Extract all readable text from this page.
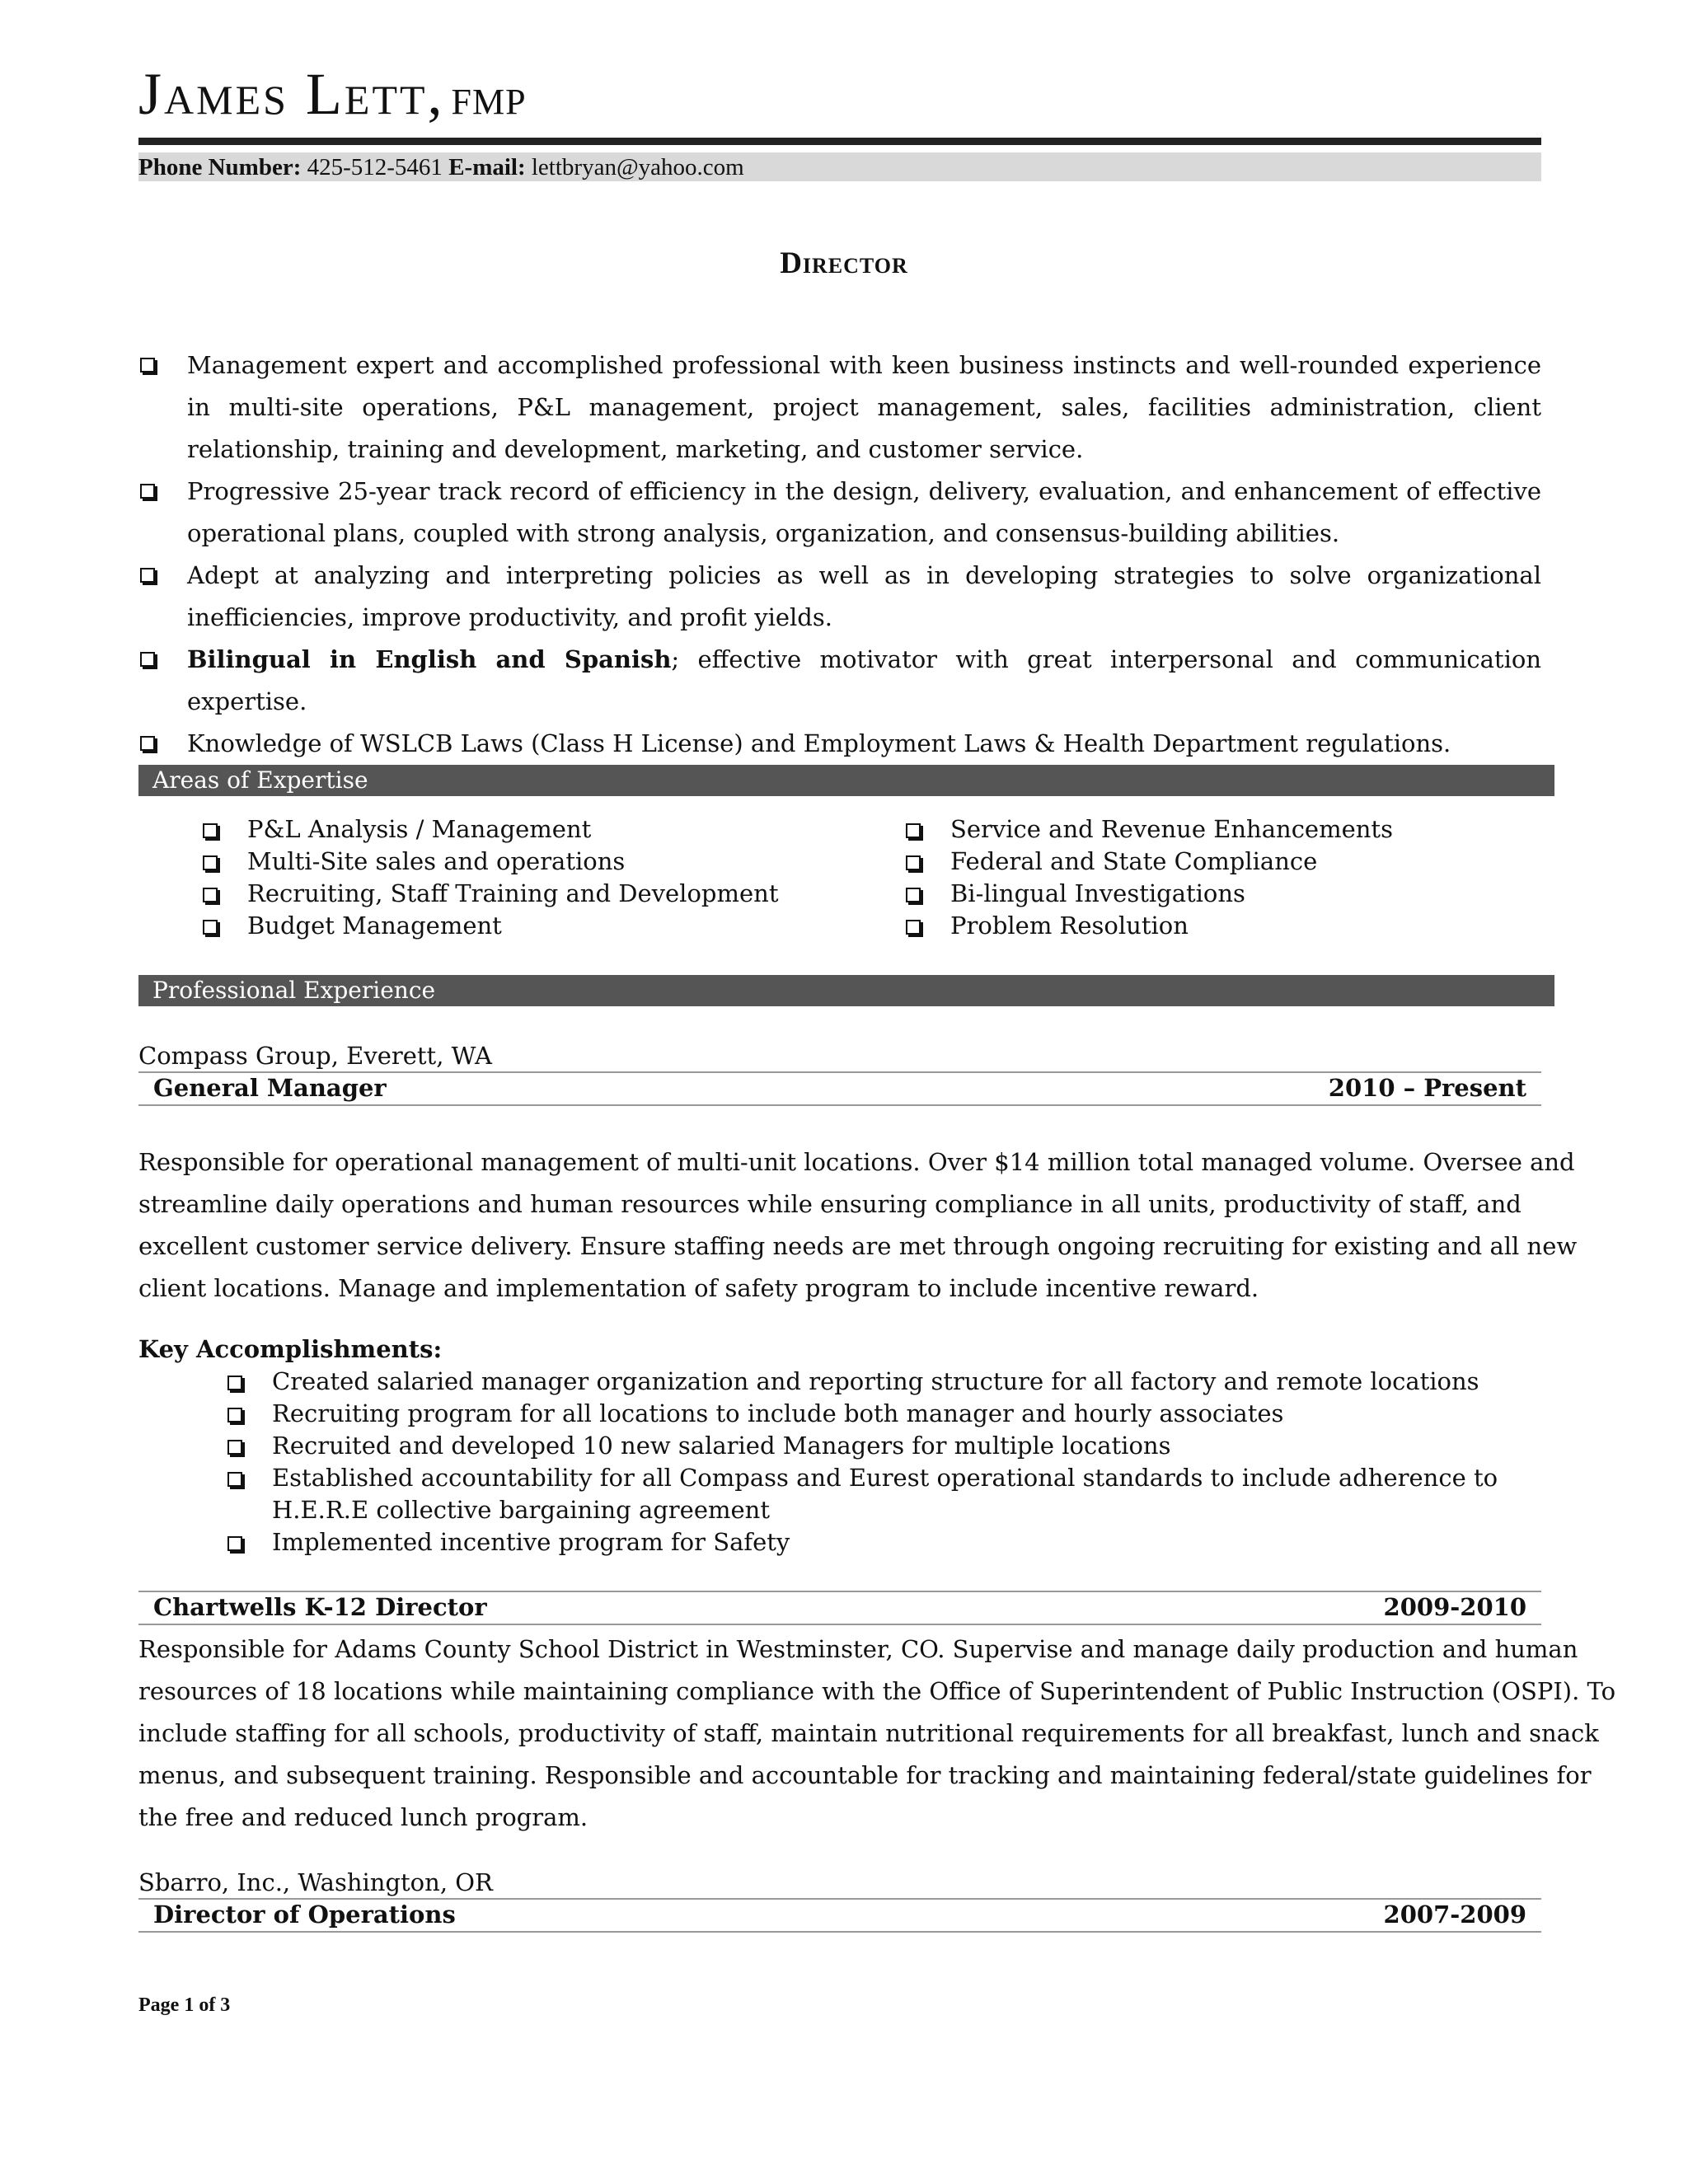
James Lett, FMP
Phone Number: 425-512-5461 E-mail: lettbryan@yahoo.com
Director
Management expert and accomplished professional with keen business instincts and well-rounded experience in multi-site operations, P&L management, project management, sales, facilities administration, client relationship, training and development, marketing, and customer service.
Progressive 25-year track record of efficiency in the design, delivery, evaluation, and enhancement of effective operational plans, coupled with strong analysis, organization, and consensus-building abilities.
Adept at analyzing and interpreting policies as well as in developing strategies to solve organizational inefficiencies, improve productivity, and profit yields.
Bilingual in English and Spanish; effective motivator with great interpersonal and communication expertise.
Knowledge of WSLCB Laws (Class H License) and Employment Laws & Health Department regulations.
Areas of Expertise
P&L Analysis / Management
Multi-Site sales and operations
Recruiting, Staff Training and Development
Budget Management
Service and Revenue Enhancements
Federal and State Compliance
Bi-lingual Investigations
Problem Resolution
Professional Experience
Compass Group, Everett, WA
General Manager	2010 – Present
Responsible for operational management of multi-unit locations. Over $14 million total managed volume. Oversee and
streamline daily operations and human resources while ensuring compliance in all units, productivity of staff, and
excellent customer service delivery. Ensure staffing needs are met through ongoing recruiting for existing and all new
client locations. Manage and implementation of safety program to include incentive reward.
Key Accomplishments:
Created salaried manager organization and reporting structure for all factory and remote locations
Recruiting program for all locations to include both manager and hourly associates
Recruited and developed 10 new salaried Managers for multiple locations
Established accountability for all Compass and Eurest operational standards to include adherence to H.E.R.E collective bargaining agreement
Implemented incentive program for Safety
Chartwells K-12 Director	2009-2010
Responsible for Adams County School District in Westminster, CO. Supervise and manage daily production and human
resources of 18 locations while maintaining compliance with the Office of Superintendent of Public Instruction (OSPI). To
include staffing for all schools, productivity of staff, maintain nutritional requirements for all breakfast, lunch and snack
menus, and subsequent training. Responsible and accountable for tracking and maintaining federal/state guidelines for
the free and reduced lunch program.
Sbarro, Inc., Washington, OR
Director of Operations	2007-2009
Page 1 of 3
